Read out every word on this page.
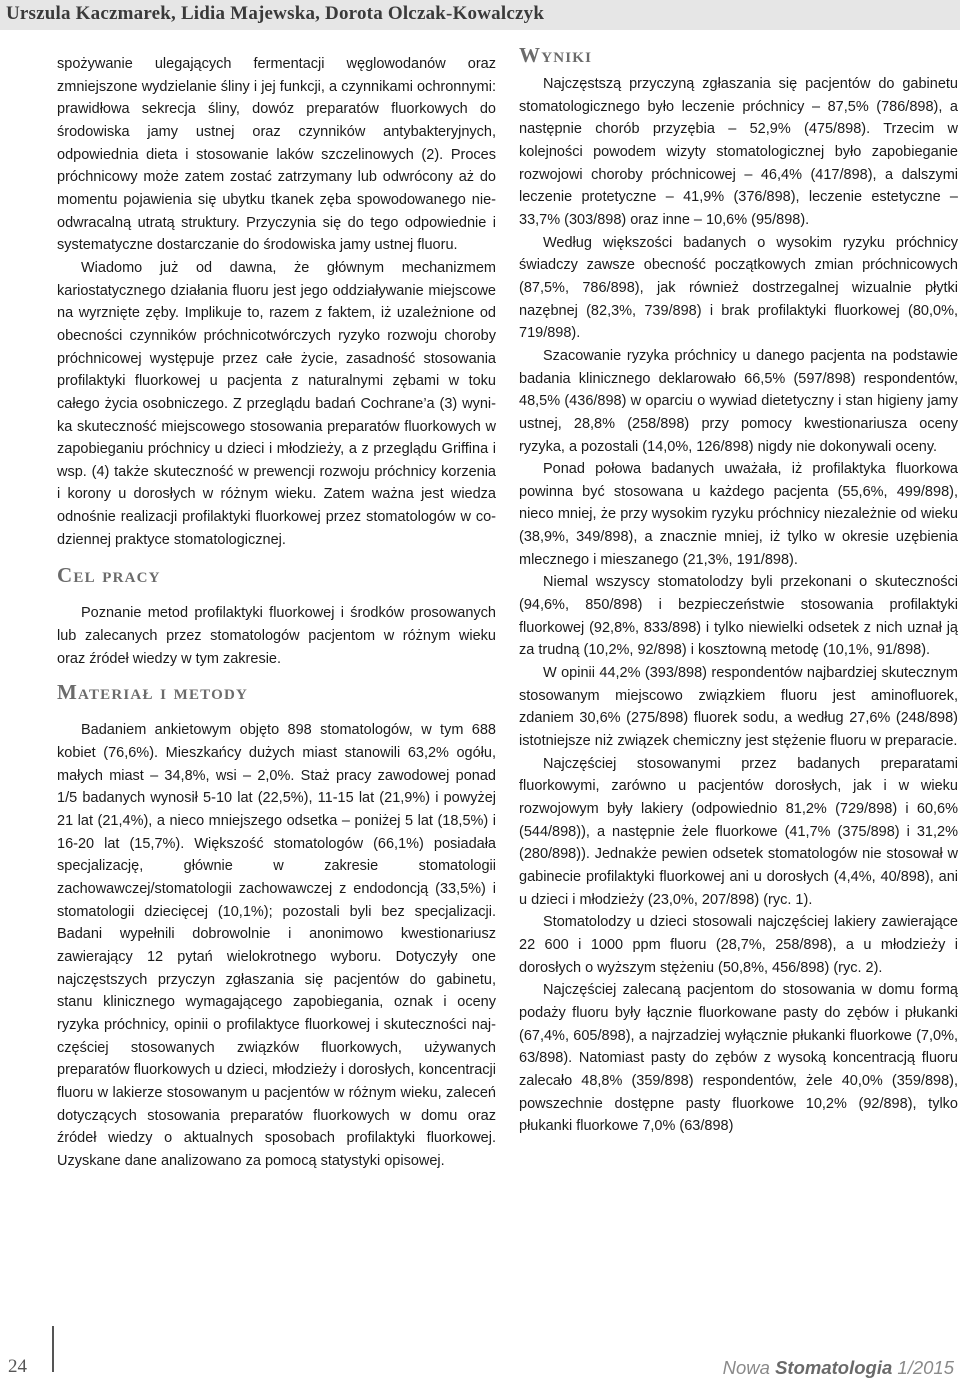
Urszula Kaczmarek, Lidia Majewska, Dorota Olczak-Kowalczyk

spożywanie ulegających fermentacji węglowodanów oraz zmniejszone wydzielanie śliny i jej funkcji, a czynnikami ochronnymi: prawidłowa sekrecja śliny, dowóz preparatów fluorkowych do środowiska jamy ustnej oraz czynników antybakteryjnych, odpowiednia dieta i stosowanie laków szczelinowych (2). Proces próchnicowy może zatem zostać zatrzymany lub odwrócony aż do momentu pojawienia się ubytku tkanek zęba spowodowanego nieodwracalną utratą struktury. Przyczynia się do tego odpowiednie i systematyczne dostarczanie do środowiska jamy ustnej fluoru.

Wiadomo już od dawna, że głównym mechanizmem kariostatycznego działania fluoru jest jego oddziaływanie miejscowe na wyrznięte zęby. Implikuje to, razem z faktem, iż uzależnione od obecności czynników próchnicotwórczych ryzyko rozwoju choroby próchnicowej występuje przez całe życie, zasadność stosowania profilaktyki fluorkowej u pacjenta z naturalnymi zębami w toku całego życia osobniczego. Z przeglądu badań Cochrane’a (3) wynika skuteczność miejscowego stosowania preparatów fluorkowych w zapobieganiu próchnicy u dzieci i młodzieży, a z przeglądu Griffina i wsp. (4) także skuteczność w prewencji rozwoju próchnicy korzenia i korony u dorosłych w różnym wieku. Zatem ważna jest wiedza odnośnie realizacji profilaktyki fluorkowej przez stomatologów w codziennej praktyce stomatologicznej.

Cel pracy

Poznanie metod profilaktyki fluorkowej i środków prosowanych lub zalecanych przez stomatologów pacjentom w różnym wieku oraz źródeł wiedzy w tym zakresie.

Materiał i metody

Badaniem ankietowym objęto 898 stomatologów, w tym 688 kobiet (76,6%). Mieszkańcy dużych miast stanowili 63,2% ogółu, małych miast – 34,8%, wsi – 2,0%. Staż pracy zawodowej ponad 1/5 badanych wynosił 5-10 lat (22,5%), 11-15 lat (21,9%) i powyżej 21 lat (21,4%), a nieco mniejszego odsetka – poniżej 5 lat (18,5%) i 16-20 lat (15,7%). Większość stomatologów (66,1%) posiadała specjalizację, głównie w zakresie stomatologii zachowawczej/stomatologii zachowawczej z endodoncją (33,5%) i stomatologii dziecięcej (10,1%); pozostali byli bez specjalizacji. Badani wypełnili dobrowolnie i anonimowo kwestionariusz zawierający 12 pytań wielokrotnego wyboru. Dotyczyły one najczęstszych przyczyn zgłaszania się pacjentów do gabinetu, stanu klinicznego wymagającego zapobiegania, oznak i oceny ryzyka próchnicy, opinii o profilaktyce fluorkowej i skuteczności najczęściej stosowanych związków fluorkowych, używanych preparatów fluorkowych u dzieci, młodzieży i dorosłych, koncentracji fluoru w lakierze stosowanym u pacjentów w różnym wieku, zaleceń dotyczących stosowania preparatów fluorkowych w domu oraz źródeł wiedzy o aktualnych sposobach profilaktyki fluorkowej. Uzyskane dane analizowano za pomocą statystyki opisowej.

Wyniki

Najczęstszą przyczyną zgłaszania się pacjentów do gabinetu stomatologicznego było leczenie próchnicy – 87,5% (786/898), a następnie chorób przyzębia – 52,9% (475/898). Trzecim w kolejności powodem wizyty stomatologicznej było zapobieganie rozwojowi choroby próchnicowej – 46,4% (417/898), a dalszymi leczenie protetyczne – 41,9% (376/898), leczenie estetyczne – 33,7% (303/898) oraz inne – 10,6% (95/898).

Według większości badanych o wysokim ryzyku próchnicy świadczy zawsze obecność początkowych zmian próchnicowych (87,5%, 786/898), jak również dostrzegalnej wizualnie płytki nazębnej (82,3%, 739/898) i brak profilaktyki fluorkowej (80,0%, 719/898).

Szacowanie ryzyka próchnicy u danego pacjenta na podstawie badania klinicznego deklarowało 66,5% (597/898) respondentów, 48,5% (436/898) w oparciu o wywiad dietetyczny i stan higieny jamy ustnej, 28,8% (258/898) przy pomocy kwestionariusza oceny ryzyka, a pozostali (14,0%, 126/898) nigdy nie dokonywali oceny.

Ponad połowa badanych uważała, iż profilaktyka fluorkowa powinna być stosowana u każdego pacjenta (55,6%, 499/898), nieco mniej, że przy wysokim ryzyku próchnicy niezależnie od wieku (38,9%, 349/898), a znacznie mniej, iż tylko w okresie uzębienia mlecznego i mieszanego (21,3%, 191/898).

Niemal wszyscy stomatolodzy byli przekonani o skuteczności (94,6%, 850/898) i bezpieczeństwie stosowania profilaktyki fluorkowej (92,8%, 833/898) i tylko niewielki odsetek z nich uznał ją za trudną (10,2%, 92/898) i kosztowną metodę (10,1%, 91/898).

W opinii 44,2% (393/898) respondentów najbardziej skutecznym stosowanym miejscowo związkiem fluoru jest aminofluorek, zdaniem 30,6% (275/898) fluorek sodu, a według 27,6% (248/898) istotniejsze niż związek chemiczny jest stężenie fluoru w preparacie.

Najczęściej stosowanymi przez badanych preparatami fluorkowymi, zarówno u pacjentów dorosłych, jak i w wieku rozwojowym były lakiery (odpowiednio 81,2% (729/898) i 60,6% (544/898)), a następnie żele fluorkowe (41,7% (375/898) i 31,2% (280/898)). Jednakże pewien odsetek stomatologów nie stosował w gabinecie profilaktyki fluorkowej ani u dorosłych (4,4%, 40/898), ani u dzieci i młodzieży (23,0%, 207/898) (ryc. 1).

Stomatolodzy u dzieci stosowali najczęściej lakiery zawierające 22 600 i 1000 ppm fluoru (28,7%, 258/898), a u młodzieży i dorosłych o wyższym stężeniu (50,8%, 456/898) (ryc. 2).

Najczęściej zalecaną pacjentom do stosowania w domu formą podaży fluoru były łącznie fluorkowane pasty do zębów i płukanki (67,4%, 605/898), a najrzadziej wyłącznie płukanki fluorkowe (7,0%, 63/898). Natomiast pasty do zębów z wysoką koncentracją fluoru zalecało 48,8% (359/898) respondentów, żele 40,0% (359/898), powszechnie dostępne pasty fluorkowe 10,2% (92/898), tylko płukanki fluorkowe 7,0% (63/898)

24	Nowa Stomatologia 1/2015
